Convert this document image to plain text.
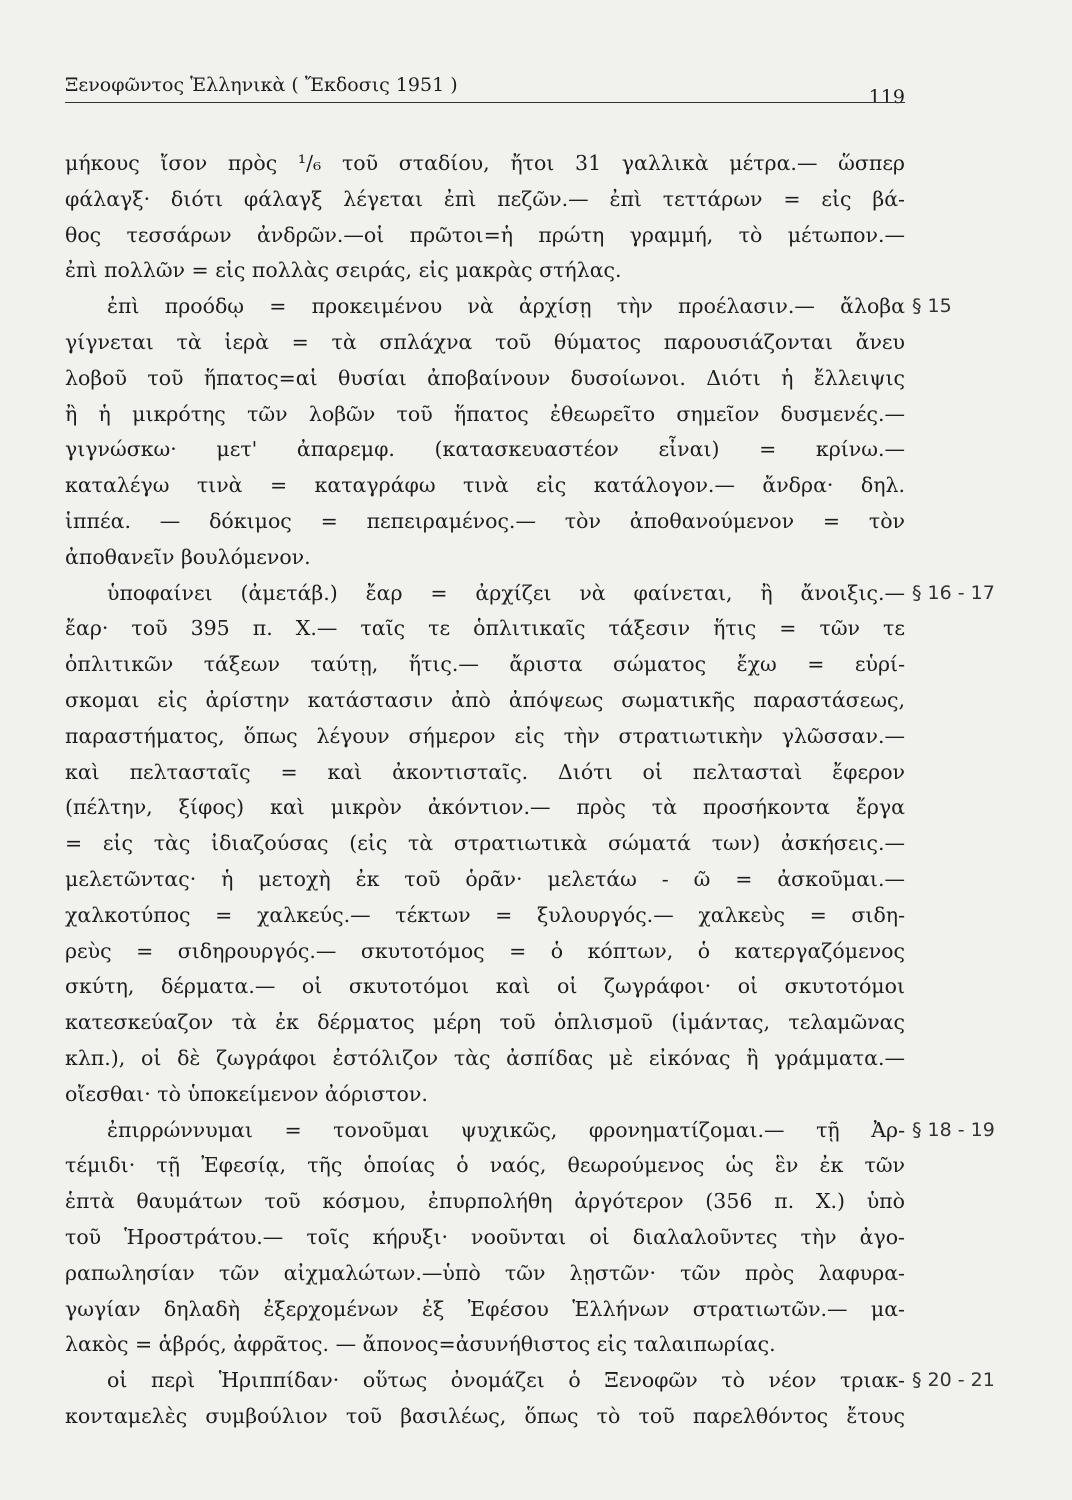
Ξενοφῶντος Ἑλληνικὰ ( Ἔκδοσις 1951 )
119
μήκους ἴσον πρὸς ¹/₆ τοῦ σταδίου, ἤτοι 31 γαλλικὰ μέτρα.— ὥσπερ
φάλαγξ· διότι φάλαγξ λέγεται ἐπὶ πεζῶν.— ἐπὶ τεττάρων = εἰς βά-
θος τεσσάρων ἀνδρῶν.—οἱ πρῶτοι=ἡ πρώτη γραμμή, τὸ μέτωπον.—
ἐπὶ πολλῶν = εἰς πολλὰς σειράς, εἰς μακρὰς στήλας.
ἐπὶ προόδῳ = προκειμένου νὰ ἀρχίσῃ τὴν προέλασιν.— ἄλοβα § 15
γίγνεται τὰ ἱερὰ = τὰ σπλάχνα τοῦ θύματος παρουσιάζονται ἄνευ
λοβοῦ τοῦ ἥπατος=αἱ θυσίαι ἀποβαίνουν δυσοίωνοι. Διότι ἡ ἔλλειψις
ἢ ἡ μικρότης τῶν λοβῶν τοῦ ἥπατος ἐθεωρεῖτο σημεῖον δυσμενές.—
γιγνώσκω· μετ' ἀπαρεμφ. (κατασκευαστέον εἶναι) = κρίνω.—
καταλέγω τινὰ = καταγράφω τινὰ εἰς κατάλογον.— ἄνδρα· δηλ.
ἱππέα. — δόκιμος = πεπειραμένος.— τὸν ἀποθανούμενον = τὸν
ἀποθανεῖν βουλόμενον.
ὑποφαίνει (ἀμετάβ.) ἔαρ = ἀρχίζει νὰ φαίνεται, ἢ ἄνοιξις.— § 16 - 17
ἔαρ· τοῦ 395 π. Χ.— ταῖς τε ὁπλιτικαῖς τάξεσιν ἥτις = τῶν τε
ὁπλιτικῶν τάξεων ταύτῃ, ἥτις.— ἄριστα σώματος ἔχω = εὑρί-
σκομαι εἰς ἀρίστην κατάστασιν ἀπὸ ἀπόψεως σωματικῆς παραστάσεως,
παραστήματος, ὅπως λέγουν σήμερον εἰς τὴν στρατιωτικὴν γλῶσσαν.—
καὶ πελτασταῖς = καὶ ἀκοντισταῖς. Διότι οἱ πελτασταὶ ἔφερον
(πέλτην, ξίφος) καὶ μικρὸν ἀκόντιον.— πρὸς τὰ προσήκοντα ἔργα
= εἰς τὰς ἰδιαζούσας (εἰς τὰ στρατιωτικὰ σώματά των) ἀσκήσεις.—
μελετῶντας· ἡ μετοχὴ ἐκ τοῦ ὁρᾶν· μελετάω - ῶ = ἀσκοῦμαι.—
χαλκοτύπος = χαλκεύς.— τέκτων = ξυλουργός.— χαλκεὺς = σιδη-
ρεὺς = σιδηρουργός.— σκυτοτόμος = ὁ κόπτων, ὁ κατεργαζόμενος
σκύτη, δέρματα.— οἱ σκυτοτόμοι καὶ οἱ ζωγράφοι· οἱ σκυτοτόμοι
κατεσκεύαζον τὰ ἐκ δέρματος μέρη τοῦ ὁπλισμοῦ (ἱμάντας, τελαμῶνας
κλπ.), οἱ δὲ ζωγράφοι ἐστόλιζον τὰς ἀσπίδας μὲ εἰκόνας ἢ γράμματα.—
οἴεσθαι· τὸ ὑποκείμενον ἀόριστον.
ἐπιρρώννυμαι = τονοῦμαι ψυχικῶς, φρονηματίζομαι.— τῇ Ἀρ- § 18 - 19
τέμιδι· τῇ Ἐφεσίᾳ, τῆς ὁποίας ὁ ναός, θεωρούμενος ὡς ἓν ἐκ τῶν
ἑπτὰ θαυμάτων τοῦ κόσμου, ἐπυρπολήθη ἀργότερον (356 π. Χ.) ὑπὸ
τοῦ Ἡροστράτου.— τοῖς κήρυξι· νοοῦνται οἱ διαλαλοῦντες τὴν ἀγο-
ραπωλησίαν τῶν αἰχμαλώτων.—ὑπὸ τῶν λῃστῶν· τῶν πρὸς λαφυρα-
γωγίαν δηλαδὴ ἐξερχομένων ἐξ Ἐφέσου Ἑλλήνων στρατιωτῶν.— μα-
λακὸς = ἁβρός, ἀφρᾶτος. — ἄπονος=ἀσυνήθιστος εἰς ταλαιπωρίας.
οἱ περὶ Ἡριππίδαν· οὕτως ὀνομάζει ὁ Ξενοφῶν τὸ νέον τριακ- § 20 - 21
κονταμελὲς συμβούλιον τοῦ βασιλέως, ὅπως τὸ τοῦ παρελθόντος ἔτους
